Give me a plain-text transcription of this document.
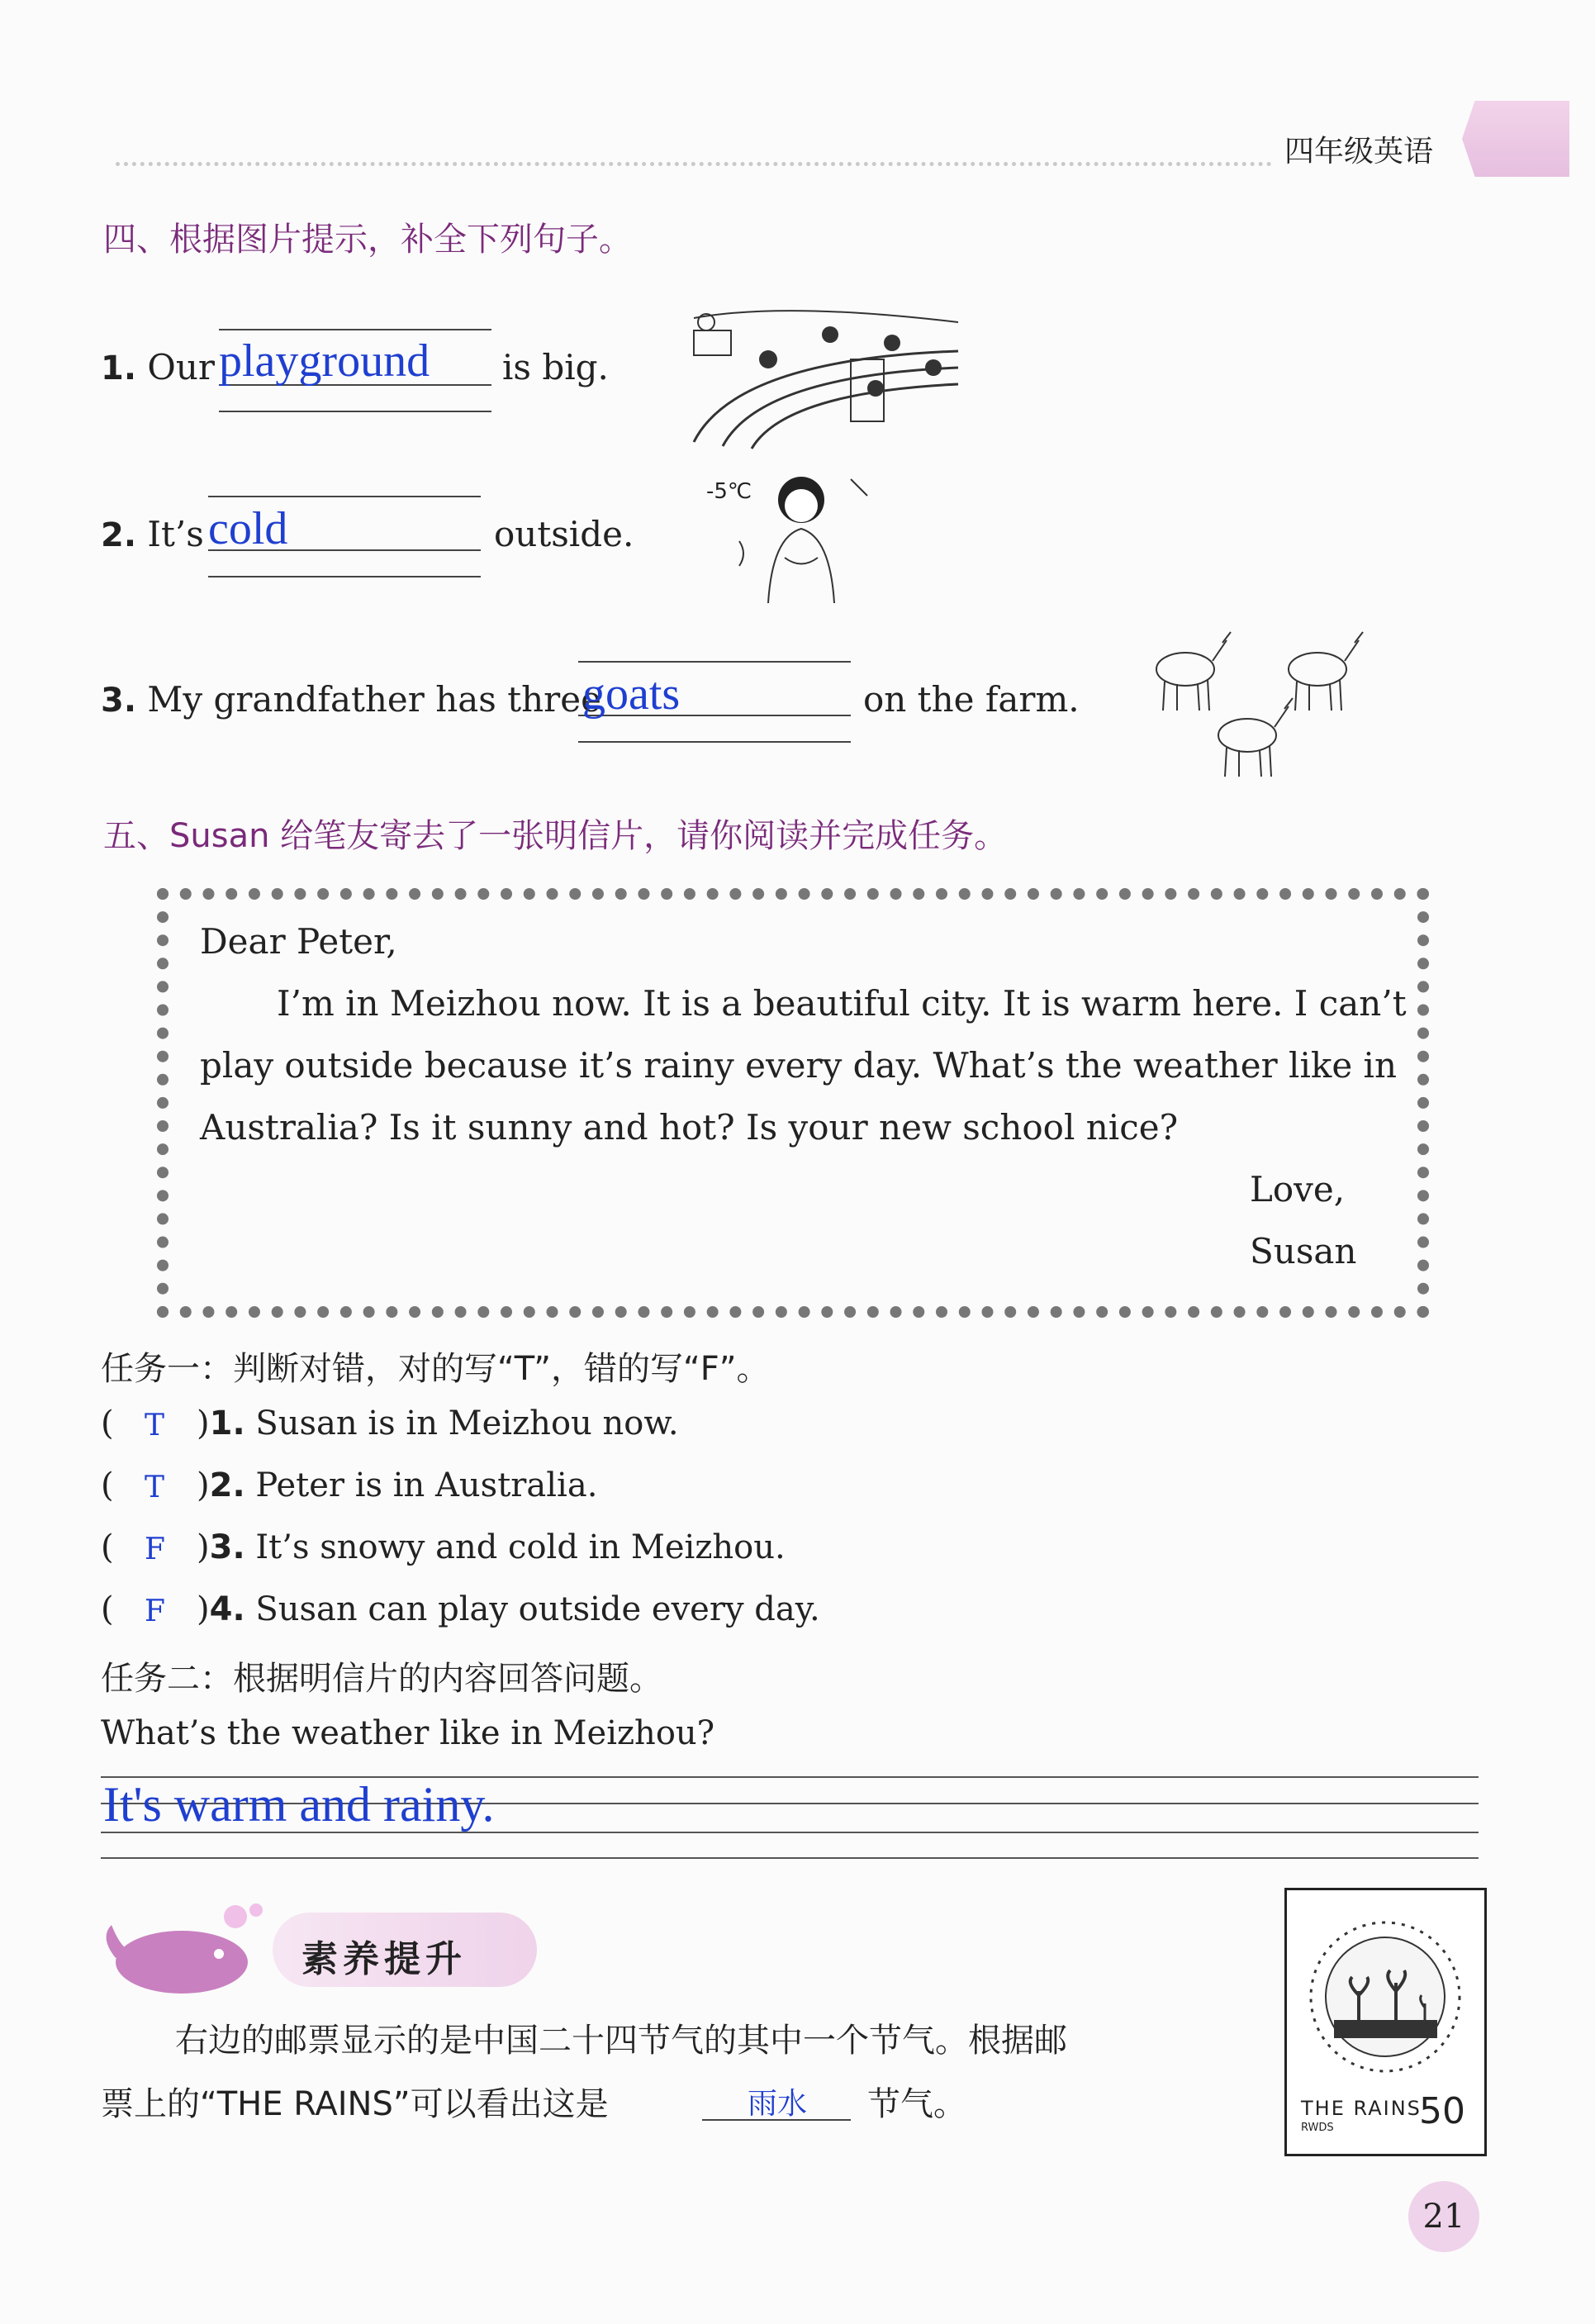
四年级英语
四、根据图片提示，补全下列句子。
1. Our playground is big.
2. It’s cold	outside.
-5℃
3. My grandfather has three
goats	on the farm.
五、Susan 给笔友寄去了一张明信片，请你阅读并完成任务。
Dear Peter,
I’m in Meizhou now. It is a beautiful city. It is warm here. I can’t
play outside because it’s rainy every day. What’s the weather like in
Australia? Is it sunny and hot? Is your new school nice?
Love,
Susan
任务一：判断对错，对的写“T”，错的写“F”。
( T )1. Susan is in Meizhou now.
( T )2. Peter is in Australia.
( F )3. It’s snowy and cold in Meizhou.
( F )4. Susan can play outside every day.
任务二：根据明信片的内容回答问题。
What’s the weather like in Meizhou?
It's warm and rainy.
素养提升
右边的邮票显示的是中国二十四节气的其中一个节气。根据邮
票上的“THE RAINS”可以看出这是	雨水 节气。	THE RAINS
RWDS 50
21
